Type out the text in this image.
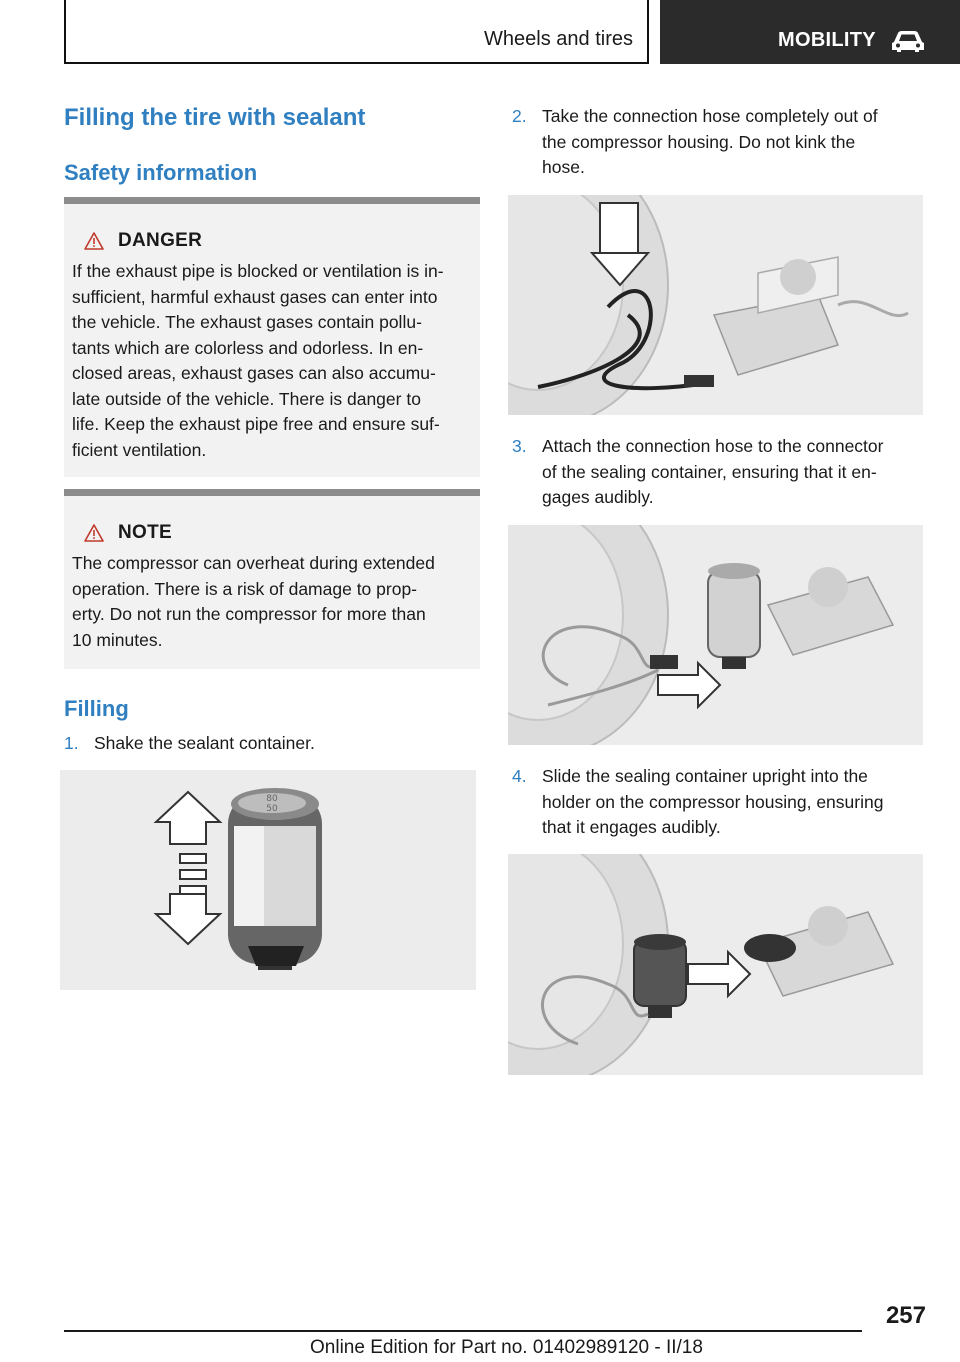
Wheels and tires	MOBILITY
Filling the tire with sealant
Safety information
DANGER

If the exhaust pipe is blocked or ventilation is in‐
sufficient, harmful exhaust gases can enter into
the vehicle. The exhaust gases contain pollu‐
tants which are colorless and odorless. In en‐
closed areas, exhaust gases can also accumu‐
late outside of the vehicle. There is danger to
life. Keep the exhaust pipe free and ensure suf‐
ficient ventilation.

NOTE

The compressor can overheat during extended
operation. There is a risk of damage to prop‐
erty. Do not run the compressor for more than
10 minutes.

Filling
1. Shake the sealant container.
80
50
2. Take the connection hose completely out of
the compressor housing. Do not kink the
hose.
3. Attach the connection hose to the connector
of the sealing container, ensuring that it en‐
gages audibly.
4. Slide the sealing container upright into the
holder on the compressor housing, ensuring
that it engages audibly.
257
Online Edition for Part no. 01402989120 - II/18
